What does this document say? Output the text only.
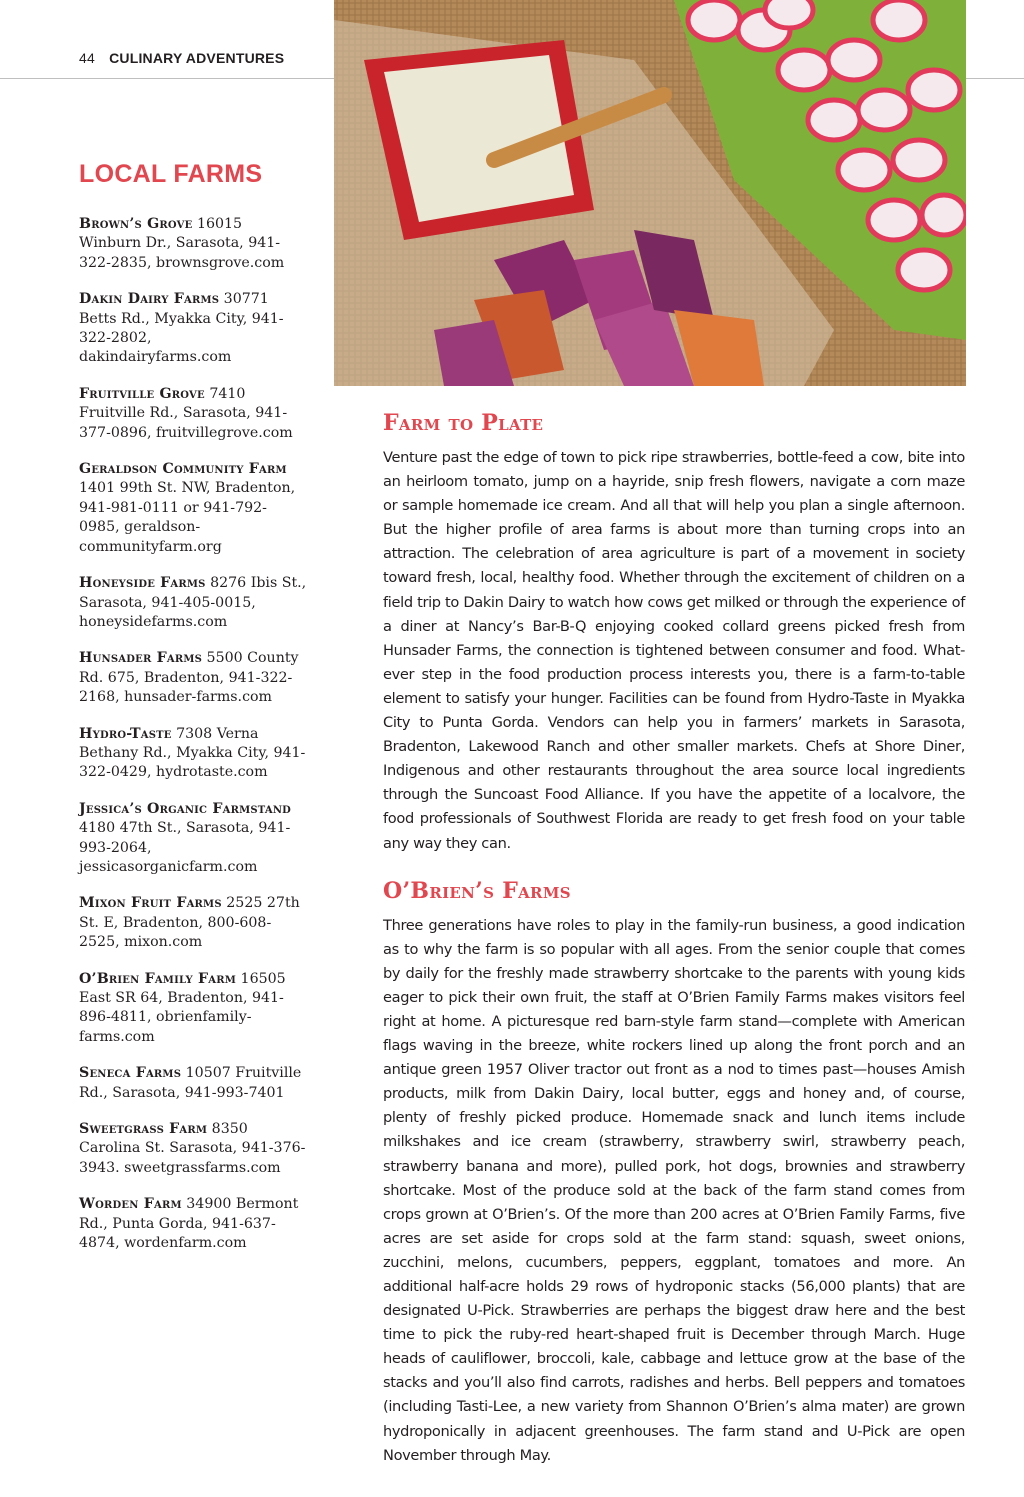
44 CULINARY ADVENTURES
LOCAL FARMS

Brown’s Grove 16015 Winburn Dr., Sarasota, 941-322-2835, brownsgrove.com

Dakin Dairy Farms 30771 Betts Rd., Myakka City, 941-322-2802, dakindairyfarms.com

Fruitville Grove 7410 Fruitville Rd., Sarasota, 941-377-0896, fruitvillegrove.com

Geraldson Community Farm 1401 99th St. NW, Bradenton, 941-981-0111 or 941-792-0985, geraldson-communityfarm.org

Honeyside Farms 8276 Ibis St., Sarasota, 941-405-0015, honeysidefarms.com

Hunsader Farms 5500 County Rd. 675, Bradenton, 941-322-2168, hunsader-farms.com

Hydro-Taste 7308 Verna Bethany Rd., Myakka City, 941-322-0429, hydrotaste.com

Jessica’s Organic Farmstand 4180 47th St., Sarasota, 941-993-2064, jessicasorganicfarm.com

Mixon Fruit Farms 2525 27th St. E, Bradenton, 800-608-2525, mixon.com

O’Brien Family Farm 16505 East SR 64, Bradenton, 941-896-4811, obrienfamily-farms.com

Seneca Farms 10507 Fruitville Rd., Sarasota, 941-993-7401

Sweetgrass Farm 8350 Carolina St. Sarasota, 941-376-3943. sweetgrassfarms.com

Worden Farm 34900 Bermont Rd., Punta Gorda, 941-637-4874, wordenfarm.com

Farm to Plate

Venture past the edge of town to pick ripe strawberries, bottle-feed a cow, bite into an heirloom tomato, jump on a hayride, snip fresh flowers, navigate a corn maze or sample homemade ice cream. And all that will help you plan a single afternoon. But the higher profile of area farms is about more than turning crops into an attraction. The celebration of area agriculture is part of a movement in society toward fresh, local, healthy food. Whether through the excitement of children on a field trip to Dakin Dairy to watch how cows get milked or through the experience of a diner at Nancy’s Bar-B-Q enjoying cooked collard greens picked fresh from Hunsader Farms, the connection is tightened between consumer and food. What-ever step in the food production process interests you, there is a farm-to-table element to satisfy your hunger. Facilities can be found from Hydro-Taste in Myakka City to Punta Gorda. Vendors can help you in farmers’ markets in Sarasota, Bradenton, Lakewood Ranch and other smaller markets. Chefs at Shore Diner, Indigenous and other restaurants throughout the area source local ingredients through the Suncoast Food Alliance. If you have the appetite of a localvore, the food professionals of Southwest Florida are ready to get fresh food on your table any way they can.

O’Brien’s Farms

Three generations have roles to play in the family-run business, a good indication as to why the farm is so popular with all ages. From the senior couple that comes by daily for the freshly made strawberry shortcake to the parents with young kids eager to pick their own fruit, the staff at O’Brien Family Farms makes visitors feel right at home. A picturesque red barn-style farm stand—complete with American flags waving in the breeze, white rockers lined up along the front porch and an antique green 1957 Oliver tractor out front as a nod to times past—houses Amish products, milk from Dakin Dairy, local butter, eggs and honey and, of course, plenty of freshly picked produce. Homemade snack and lunch items include milkshakes and ice cream (strawberry, strawberry swirl, strawberry peach, strawberry banana and more), pulled pork, hot dogs, brownies and strawberry shortcake. Most of the produce sold at the back of the farm stand comes from crops grown at O’Brien’s. Of the more than 200 acres at O’Brien Family Farms, five acres are set aside for crops sold at the farm stand: squash, sweet onions, zucchini, melons, cucumbers, peppers, eggplant, tomatoes and more. An additional half-acre holds 29 rows of hydroponic stacks (56,000 plants) that are designated U-Pick. Strawberries are perhaps the biggest draw here and the best time to pick the ruby-red heart-shaped fruit is December through March. Huge heads of cauliflower, broccoli, kale, cabbage and lettuce grow at the base of the stacks and you’ll also find carrots, radishes and herbs. Bell peppers and tomatoes (including Tasti-Lee, a new variety from Shannon O’Brien’s alma mater) are grown hydroponically in adjacent greenhouses. The farm stand and U-Pick are open November through May.
